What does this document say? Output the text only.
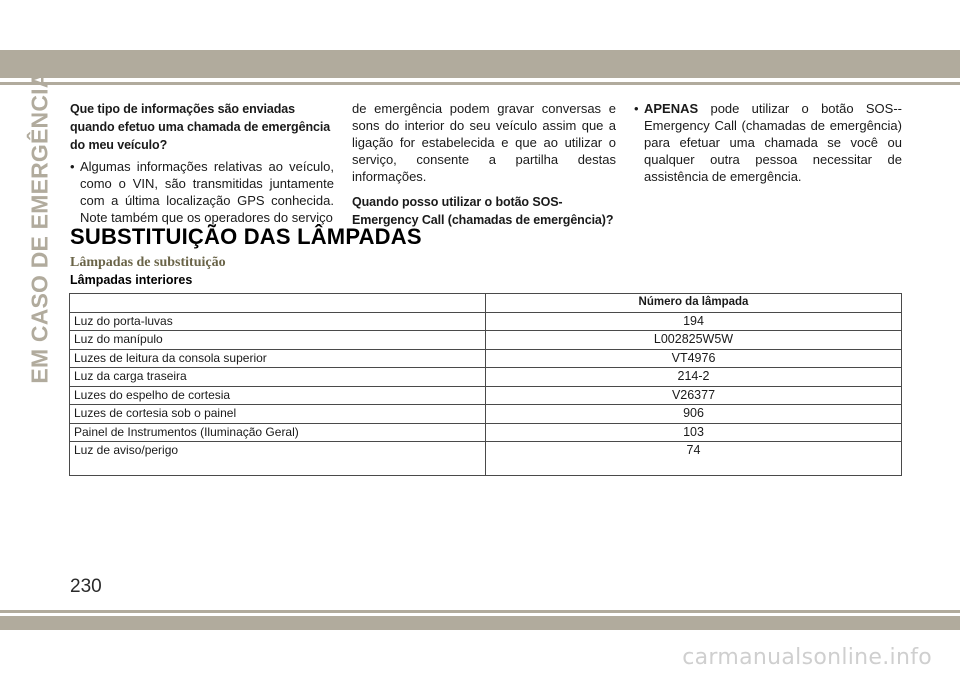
EM CASO DE EMERGÊNCIA Que tipo de informações são enviadas quando efetuo uma chamada de emergência do meu veículo?

• Algumas informações relativas ao veículo, como o VIN, são transmitidas juntamente com a última localização GPS conhecida. Note também que os operadores do serviço

de emergência podem gravar conversas e sons do interior do seu veículo assim que a ligação for estabelecida e que ao utilizar o serviço, consente a partilha destas informações.

Quando posso utilizar o botão SOS-Emergency Call (chamadas de emergência)?

• APENAS pode utilizar o botão SOS--Emergency Call (chamadas de emergência) para efetuar uma chamada se você ou qualquer outra pessoa necessitar de assistência de emergência.
SUBSTITUIÇÃO DAS LÂMPADAS
Lâmpadas de substituição
Lâmpadas interiores
	Número da lâmpada
Luz do porta-luvas	194
Luz do manípulo	L002825W5W
Luzes de leitura da consola superior	VT4976
Luz da carga traseira	214-2
Luzes do espelho de cortesia	V26377
Luzes de cortesia sob o painel	906
Painel de Instrumentos (Iluminação Geral)	103
Luz de aviso/perigo	74
230
carmanualsonline.info
